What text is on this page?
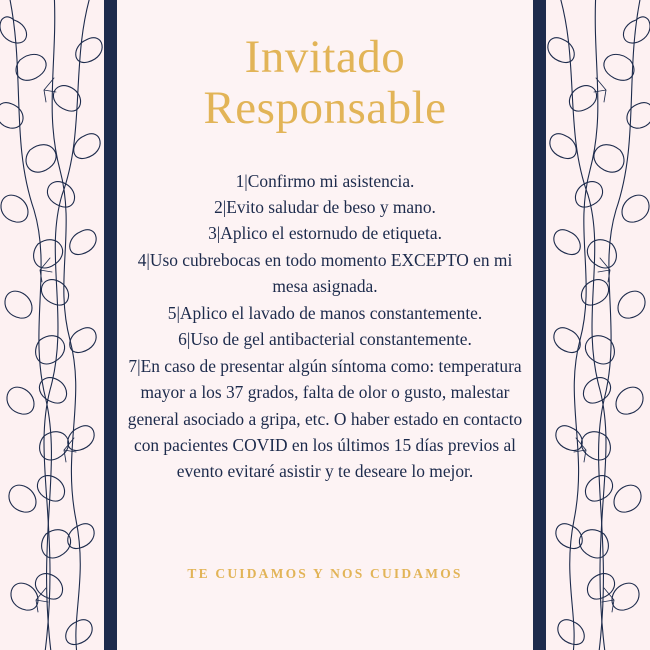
Invitado
Responsable
1|Confirmo mi asistencia.
2|Evito saludar de beso y mano.
3|Aplico el estornudo de etiqueta.
4|Uso cubrebocas en todo momento EXCEPTO en mi mesa asignada.
5|Aplico el lavado de manos constantemente.
6|Uso de gel antibacterial constantemente.
7|En caso de presentar algún síntoma como: temperatura mayor a los 37 grados, falta de olor o gusto, malestar general asociado a gripa, etc. O haber estado en contacto con pacientes COVID en los últimos 15 días previos al evento evitaré asistir y te deseare lo mejor.
TE CUIDAMOS Y NOS CUIDAMOS
